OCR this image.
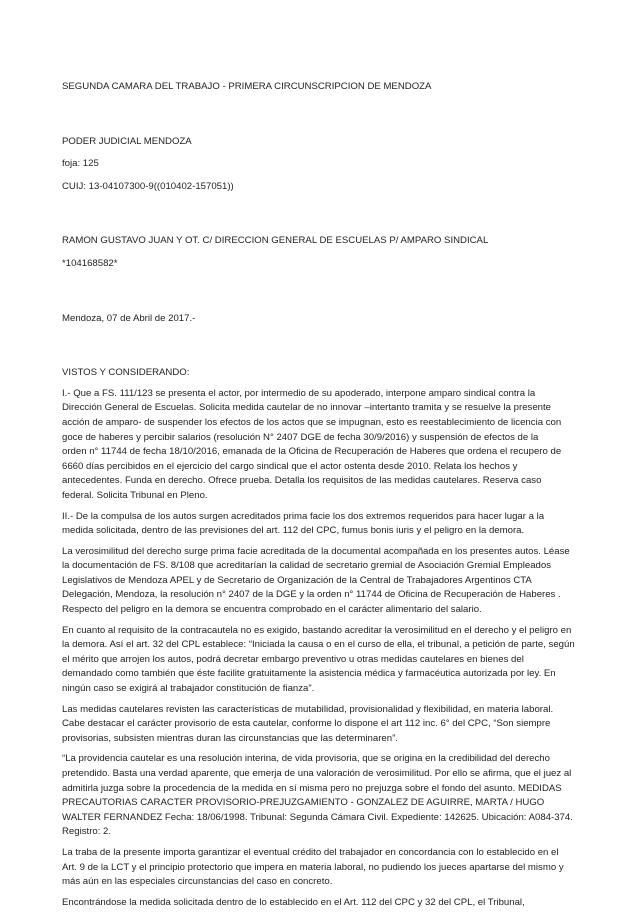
SEGUNDA CAMARA DEL TRABAJO - PRIMERA CIRCUNSCRIPCION DE MENDOZA

PODER JUDICIAL MENDOZA

foja: 125

CUIJ: 13-04107300-9((010402-157051))

RAMON GUSTAVO JUAN Y OT. C/ DIRECCION GENERAL DE ESCUELAS P/ AMPARO SINDICAL

*104168582*

Mendoza, 07 de Abril de 2017.-

VISTOS Y CONSIDERANDO:

I.- Que a FS. 111/123 se presenta el actor, por intermedio de su apoderado, interpone amparo sindical contra la

Dirección General de Escuelas. Solicita medida cautelar de no innovar –intertanto tramita y se resuelve la presente

acción de amparo- de suspender los efectos de los actos que se impugnan, esto es reestablecimiento de licencia con

goce de haberes y percibir salarios (resolución N° 2407 DGE de fecha 30/9/2016) y suspensión de efectos de la

orden n° 11744 de fecha 18/10/2016, emanada de la Oficina de Recuperación de Haberes que ordena el recupero de

6660 días percibidos en el ejercicio del cargo sindical que el actor ostenta desde 2010. Relata los hechos y

antecedentes. Funda en derecho. Ofrece prueba. Detalla los requisitos de las medidas cautelares. Reserva caso

federal. Solicita Tribunal en Pleno.

II.- De la compulsa de los autos surgen acreditados prima facie los dos extremos requeridos para hacer lugar a la

medida solicitada, dentro de las previsiones del art. 112 del CPC, fumus bonis iuris y el peligro en la demora.

La verosimilitud del derecho surge prima facie acreditada de la documental acompañada en los presentes autos. Léase

la documentación de FS. 8/108 que acreditarían la calidad de secretario gremial de Asociación Gremial Empleados

Legislativos de Mendoza APEL y de Secretario de Organización de la Central de Trabajadores Argentinos CTA

Delegación, Mendoza, la resolución n° 2407 de la DGE y la orden n° 11744 de Oficina de Recuperación de Haberes .

Respecto del peligro en la demora se encuentra comprobado en el carácter alimentario del salario.

En cuanto al requisito de la contracautela no es exigido, bastando acreditar la verosimilitud en el derecho y el peligro en

la demora. Así el art. 32 del CPL establece: “Iniciada la causa o en el curso de ella, el tribunal, a petición de parte, según

el mérito que arrojen los autos, podrá decretar embargo preventivo u otras medidas cautelares en bienes del

demandado como también que éste facilite gratuitamente la asistencia médica y farmacéutica autorizada por ley. En

ningún caso se exigirá al trabajador constitución de fianza”.

Las medidas cautelares revisten las características de mutabilidad, provisionalidad y flexibilidad, en materia laboral.

Cabe destacar el carácter provisorio de esta cautelar, conforme lo dispone el art 112 inc. 6° del CPC, “Son siempre

provisorias, subsisten mientras duran las circunstancias que las determinaren”.

“La providencia cautelar es una resolución interina, de vida provisoria, que se origina en la credibilidad del derecho

pretendido. Basta una verdad aparente, que emerja de una valoración de verosimilitud. Por ello se afirma, que el juez al

admitirla juzga sobre la procedencia de la medida en sí misma pero no prejuzga sobre el fondo del asunto. MEDIDAS

PRECAUTORIAS CARACTER PROVISORIO-PREJUZGAMIENTO - GONZALEZ DE AGUIRRE, MARTA / HUGO

WALTER FERNANDEZ Fecha: 18/06/1998. Tribunal: Segunda Cámara Civil. Expediente: 142625. Ubicación: A084-374.

Registro: 2.

La traba de la presente importa garantizar el eventual crédito del trabajador en concordancia con lo establecido en el

Art. 9 de la LCT y el principio protectorio que impera en materia laboral, no pudiendo los jueces apartarse del mismo y

más aún en las especiales circunstancias del caso en concreto.

Encontrándose la medida solicitada dentro de lo establecido en el Art. 112 del CPC y 32 del CPL, el Tribunal,
